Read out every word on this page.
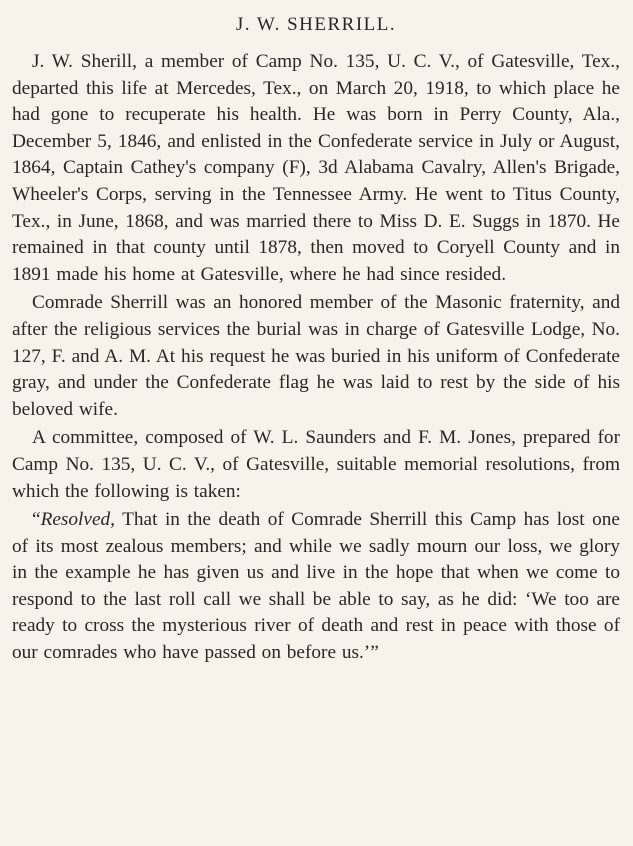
J. W. SHERRILL.

J. W. Sherill, a member of Camp No. 135, U. C. V., of Gatesville, Tex., departed this life at Mercedes, Tex., on March 20, 1918, to which place he had gone to recuperate his health. He was born in Perry County, Ala., December 5, 1846, and enlisted in the Confederate service in July or August, 1864, Captain Cathey's company (F), 3d Alabama Cavalry, Allen's Brigade, Wheeler's Corps, serving in the Tennessee Army. He went to Titus County, Tex., in June, 1868, and was married there to Miss D. E. Suggs in 1870. He remained in that county until 1878, then moved to Coryell County and in 1891 made his home at Gatesville, where he had since resided.

Comrade Sherrill was an honored member of the Masonic fraternity, and after the religious services the burial was in charge of Gatesville Lodge, No. 127, F. and A. M. At his request he was buried in his uniform of Confederate gray, and under the Confederate flag he was laid to rest by the side of his beloved wife.

A committee, composed of W. L. Saunders and F. M. Jones, prepared for Camp No. 135, U. C. V., of Gatesville, suitable memorial resolutions, from which the following is taken:

“Resolved, That in the death of Comrade Sherrill this Camp has lost one of its most zealous members; and while we sadly mourn our loss, we glory in the example he has given us and live in the hope that when we come to respond to the last roll call we shall be able to say, as he did: ‘We too are ready to cross the mysterious river of death and rest in peace with those of our comrades who have passed on before us.’”
